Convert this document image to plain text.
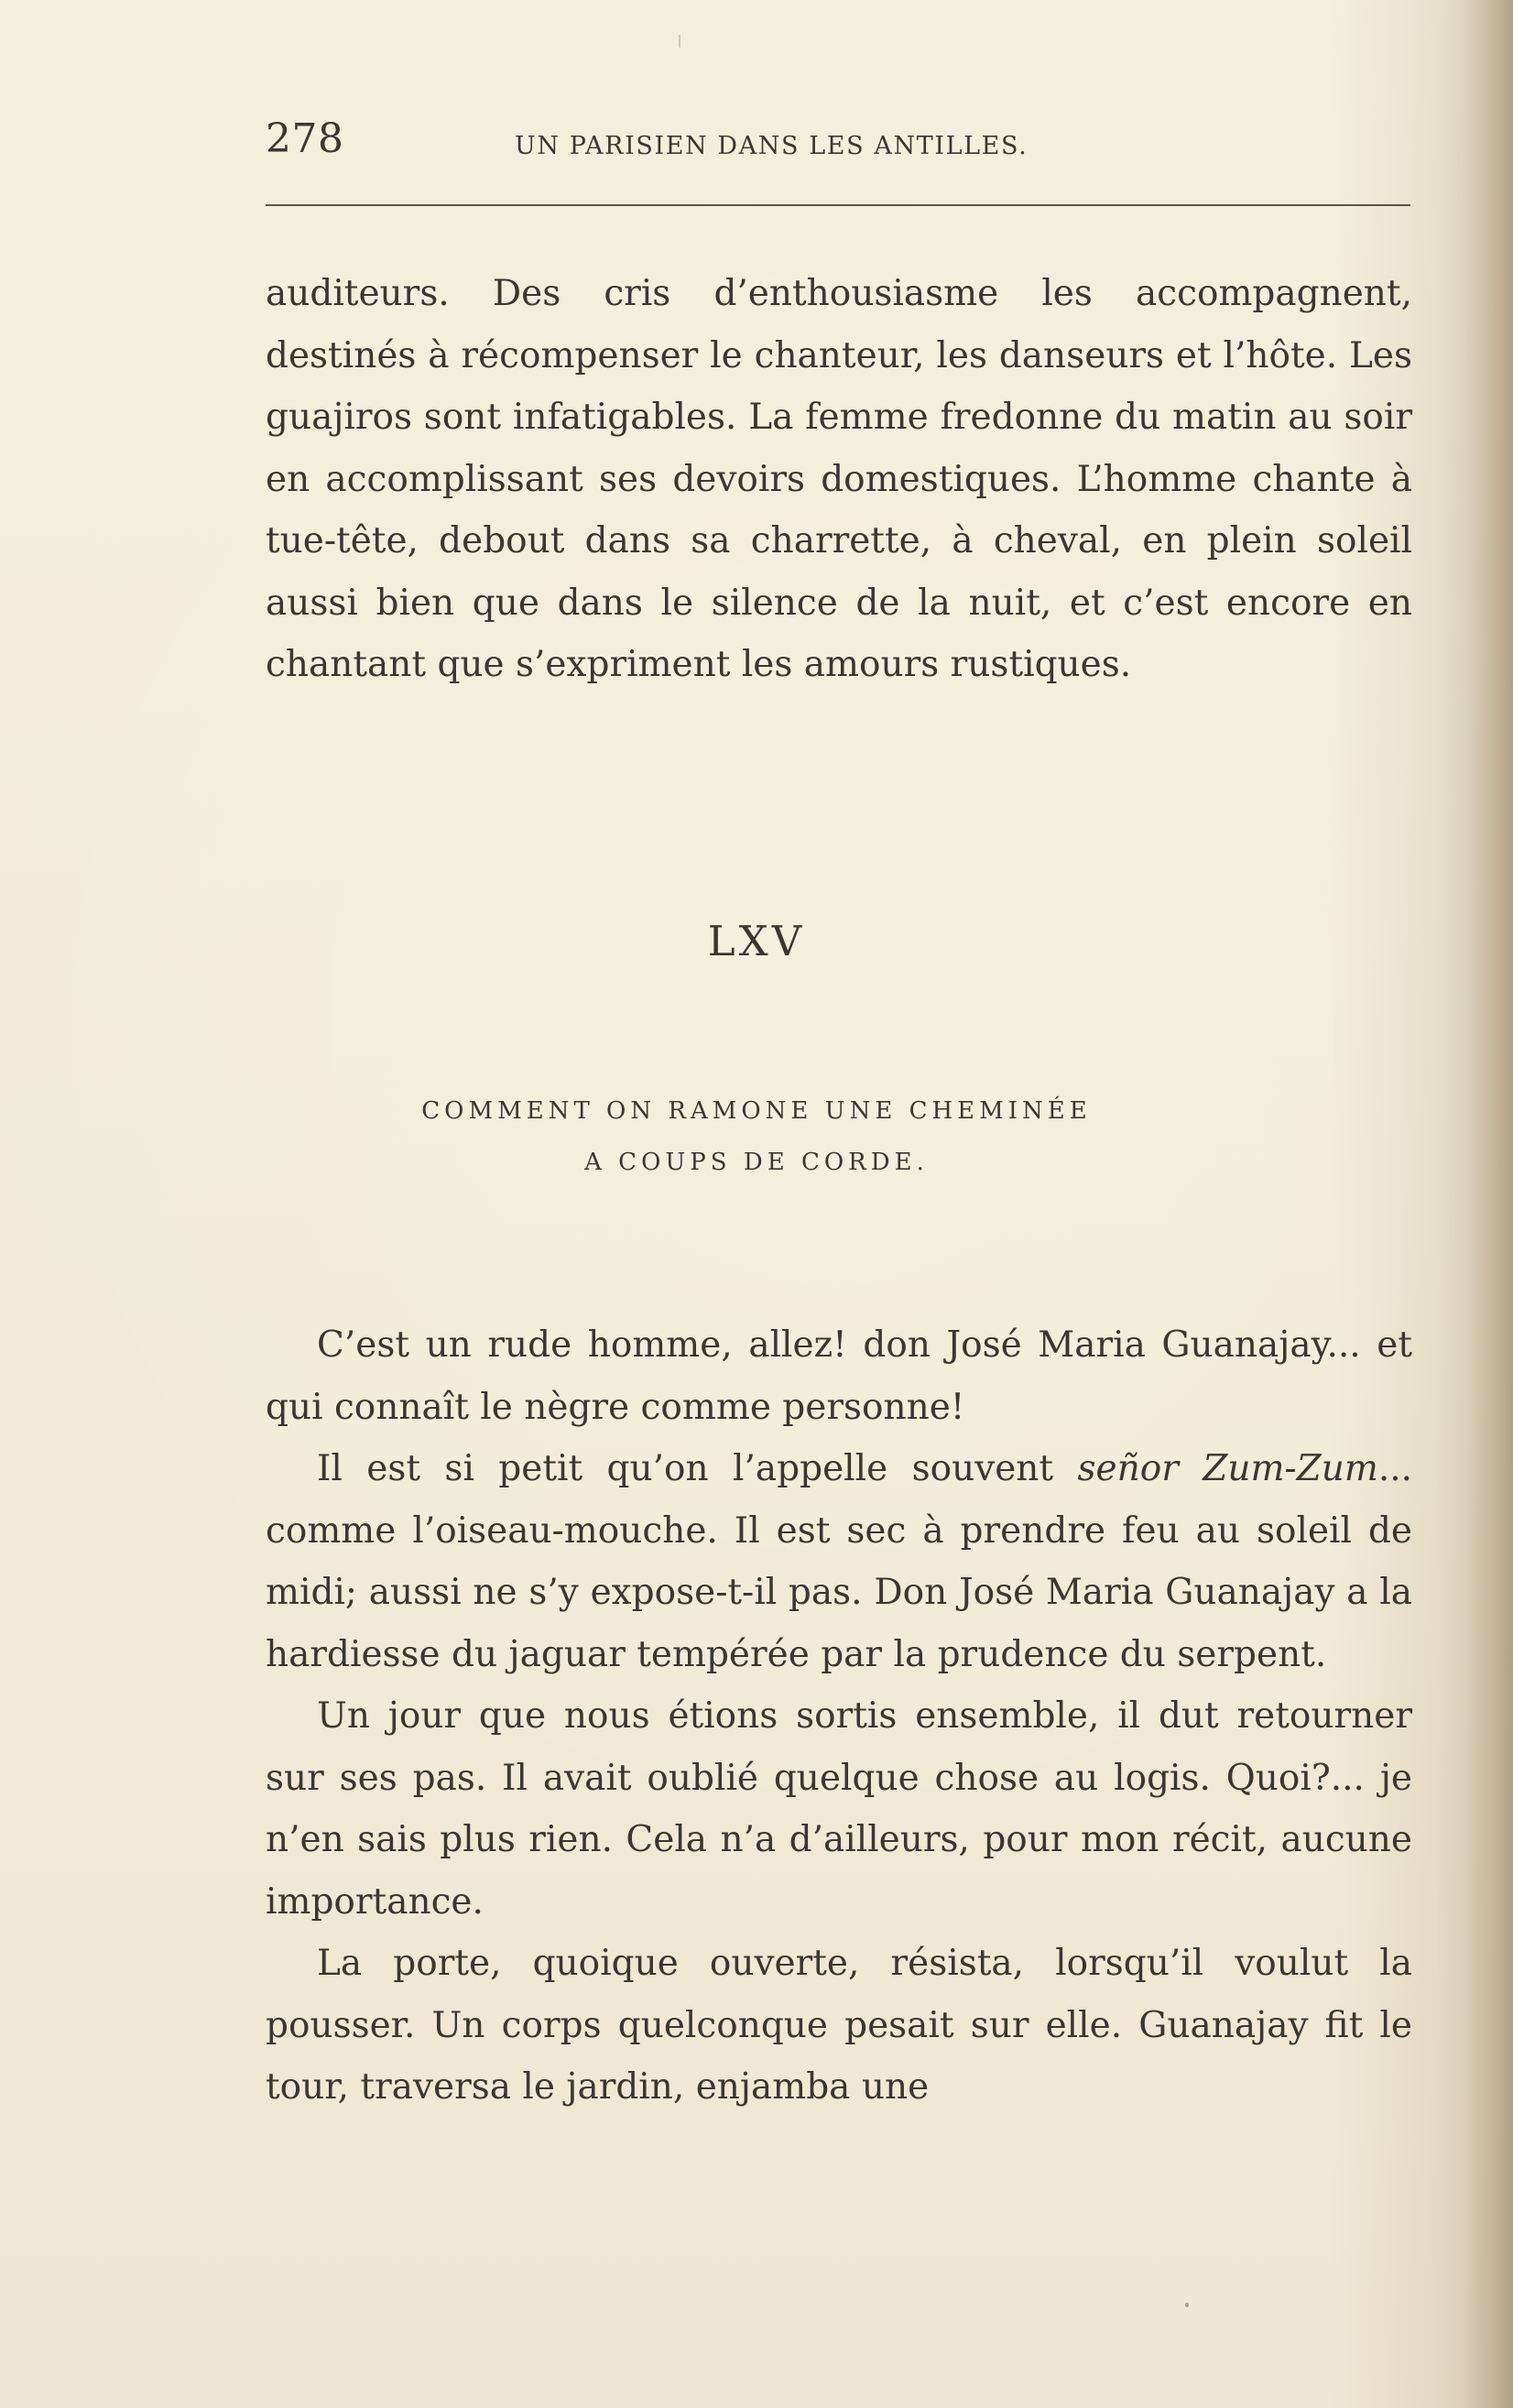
278	UN PARISIEN DANS LES ANTILLES.

auditeurs. Des cris d’enthousiasme les accompagnent, destinés à récompenser le chanteur, les danseurs et l’hôte. Les guajiros sont infatigables. La femme fredonne du matin au soir en accomplissant ses devoirs domestiques. L’homme chante à tue-tête, debout dans sa charrette, à cheval, en plein soleil aussi bien que dans le silence de la nuit, et c’est encore en chantant que s’expriment les amours rustiques.

LXV
COMMENT ON RAMONE UNE CHEMINÉE
A COUPS DE CORDE.

C’est un rude homme, allez! don José Maria Guanajay... et qui connaît le nègre comme personne!

Il est si petit qu’on l’appelle souvent señor Zum-Zum... comme l’oiseau-mouche. Il est sec à prendre feu au soleil de midi; aussi ne s’y expose-t-il pas. Don José Maria Guanajay a la hardiesse du jaguar tempérée par la prudence du serpent.

Un jour que nous étions sortis ensemble, il dut retourner sur ses pas. Il avait oublié quelque chose au logis. Quoi?... je n’en sais plus rien. Cela n’a d’ailleurs, pour mon récit, aucune importance.

La porte, quoique ouverte, résista, lorsqu’il voulut la pousser. Un corps quelconque pesait sur elle. Guanajay fit le tour, traversa le jardin, enjamba une
